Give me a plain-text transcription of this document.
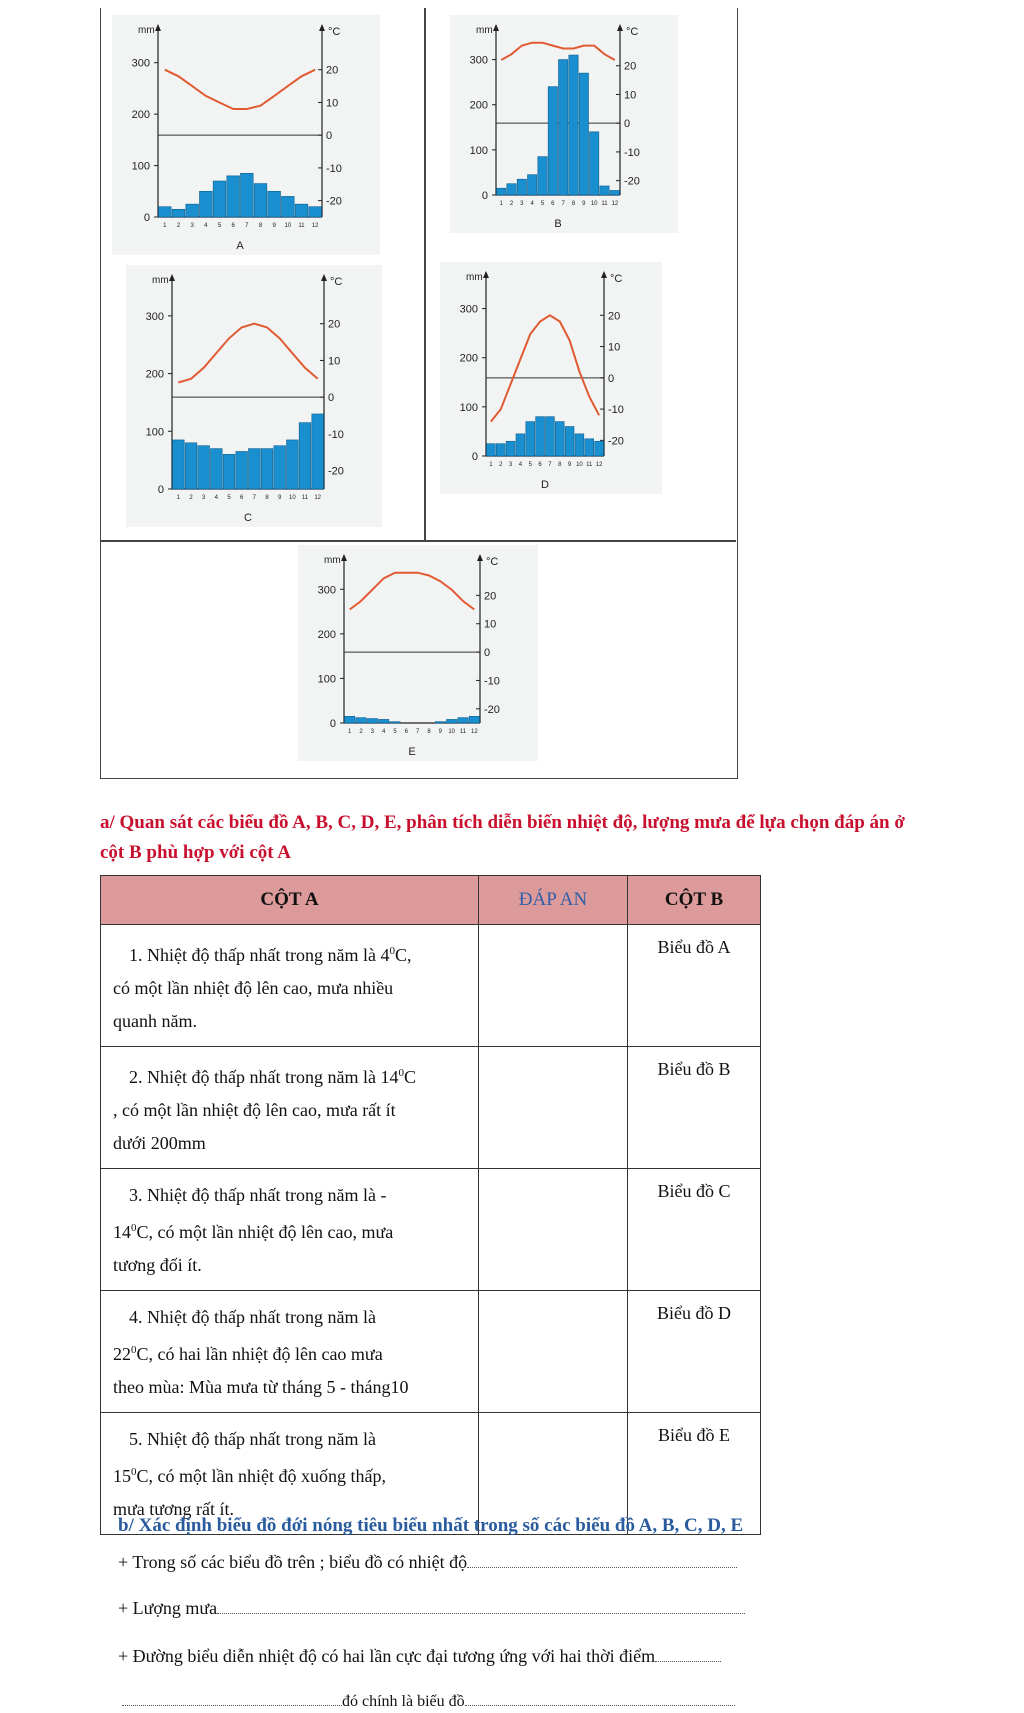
mm	°C
300
200
100
0
20
10
0
-10
-20
1 2 3 4 5 6 7 8 9 10 11 12
A
mm	°C
300
200
100
0
20
10
0
-10
-20
1 2 3 4 5 6 7 8 9 10 11 12
B
mm	°C
300
200
100
0
20
10
0
-10
-20
1 2 3 4 5 6 7 8 9 10 11 12
C
mm	°C
300
200
100
0
20
10
0
-10
-20
1 2 3 4 5 6 7 8 9 10 11 12
D
mm	°C
300
200
100
0
20
10
0
-10
-20
1 2 3 4 5 6 7 8 9 10 11 12
E
a/ Quan sát các biểu đồ A, B, C, D, E, phân tích diễn biến nhiệt độ, lượng mưa để lựa chọn đáp án ở cột B phù hợp với cột A
CỘT A	ĐÁP AN	CỘT B

1. Nhiệt độ thấp nhất trong năm là $4^0C$,
có một lần nhiệt độ lên cao, mưa nhiều
quanh năm.		Biểu đồ A

2. Nhiệt độ thấp nhất trong năm là $14^0C$
, có một lần nhiệt độ lên cao, mưa rất ít
dưới 200mm		Biểu đồ B

3. Nhiệt độ thấp nhất trong năm là -
$14^0C$, có một lần nhiệt độ lên cao, mưa
tương đối ít.		Biểu đồ C

4. Nhiệt độ thấp nhất trong năm là
$22^0C$, có hai lần nhiệt độ lên cao mưa
theo mùa: Mùa mưa từ tháng 5 - tháng10		Biểu đồ D

5. Nhiệt độ thấp nhất trong năm là
$15^0C$, có một lần nhiệt độ xuống thấp,
mưa tương rất ít.		Biểu đồ E
b/ Xác định biểu đồ đới nóng tiêu biểu nhất trong số các biểu đồ A, B, C, D, E
+ Trong số các biểu đồ trên ; biểu đồ có nhiệt độ
+ Lượng mưa
+ Đường biểu diễn nhiệt độ có hai lần cực đại tương ứng với hai thời điểm
đó chính là biểu đồ
